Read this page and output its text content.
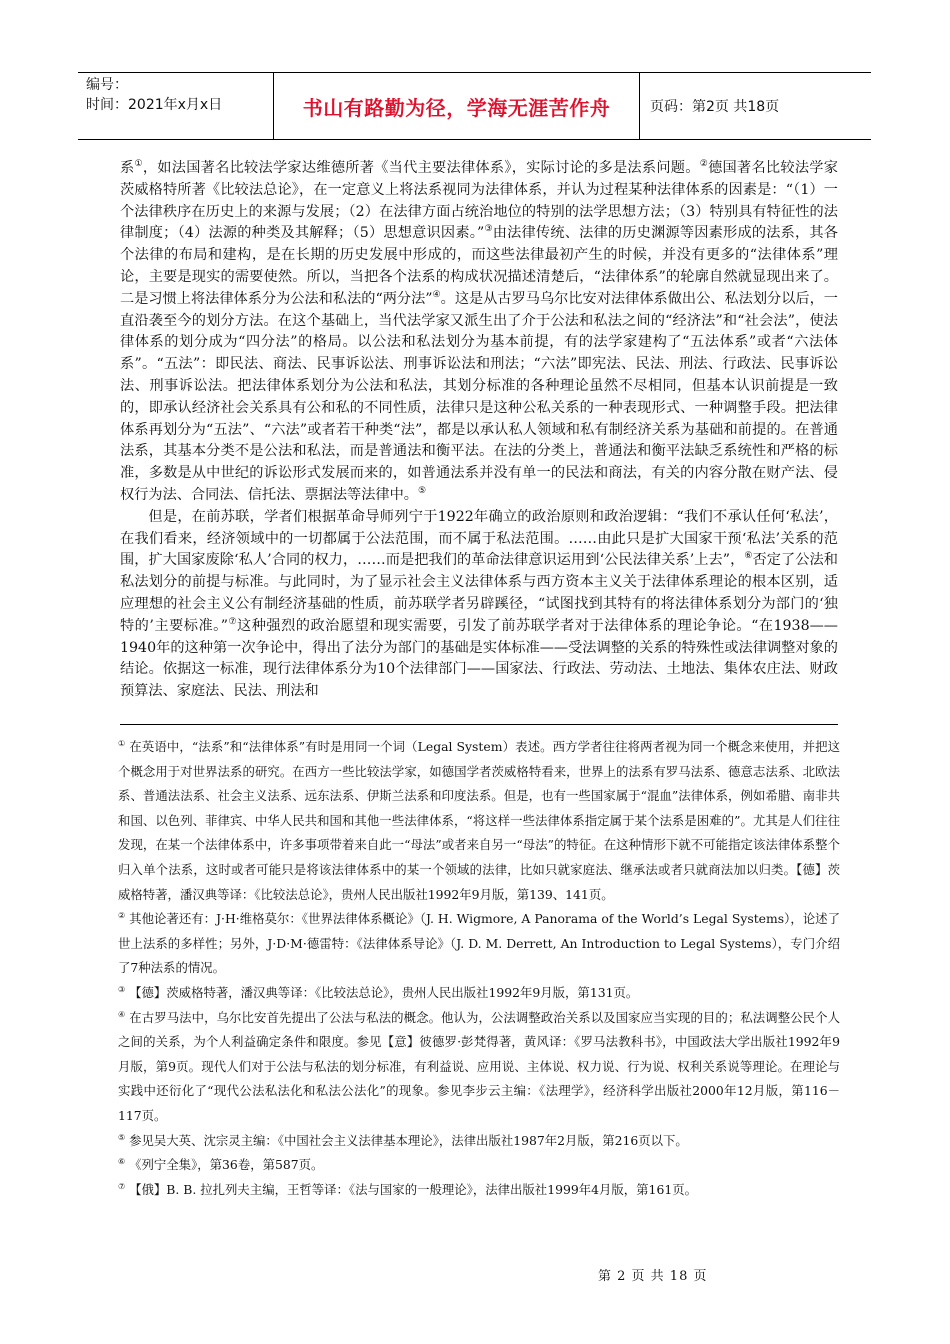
编号：
时间：2021年x月x日	书山有路勤为径，学海无涯苦作舟	页码：第2页 共18页

系①，如法国著名比较法学家达维德所著《当代主要法律体系》，实际讨论的多是法系问题。②德国著名比较法学家茨威格特所著《比较法总论》，在一定意义上将法系视同为法律体系，并认为过程某种法律体系的因素是：“（1）一个法律秩序在历史上的来源与发展；（2）在法律方面占统治地位的特别的法学思想方法；（3）特别具有特征性的法律制度；（4）法源的种类及其解释；（5）思想意识因素。”③由法律传统、法律的历史渊源等因素形成的法系，其各个法律的布局和建构，是在长期的历史发展中形成的，而这些法律最初产生的时候，并没有更多的“法律体系”理论，主要是现实的需要使然。所以，当把各个法系的构成状况描述清楚后，“法律体系”的轮廓自然就显现出来了。二是习惯上将法律体系分为公法和私法的“两分法”④。这是从古罗马乌尔比安对法律体系做出公、私法划分以后，一直沿袭至今的划分方法。在这个基础上，当代法学家又派生出了介于公法和私法之间的“经济法”和“社会法”，使法律体系的划分成为“四分法”的格局。以公法和私法划分为基本前提，有的法学家建构了“五法体系”或者“六法体系”。“五法”：即民法、商法、民事诉讼法、刑事诉讼法和刑法；“六法”即宪法、民法、刑法、行政法、民事诉讼法、刑事诉讼法。把法律体系划分为公法和私法，其划分标准的各种理论虽然不尽相同，但基本认识前提是一致的，即承认经济社会关系具有公和私的不同性质，法律只是这种公私关系的一种表现形式、一种调整手段。把法律体系再划分为“五法”、“六法”或者若干种类“法”，都是以承认私人领域和私有制经济关系为基础和前提的。在普通法系，其基本分类不是公法和私法，而是普通法和衡平法。在法的分类上，普通法和衡平法缺乏系统性和严格的标准，多数是从中世纪的诉讼形式发展而来的，如普通法系并没有单一的民法和商法，有关的内容分散在财产法、侵权行为法、合同法、信托法、票据法等法律中。⑤

但是，在前苏联，学者们根据革命导师列宁于1922年确立的政治原则和政治逻辑：“我们不承认任何‘私法’，在我们看来，经济领域中的一切都属于公法范围，而不属于私法范围。……由此只是扩大国家干预‘私法’关系的范围，扩大国家废除‘私人’合同的权力，……而是把我们的革命法律意识运用到‘公民法律关系’上去”，⑥否定了公法和私法划分的前提与标准。与此同时，为了显示社会主义法律体系与西方资本主义关于法律体系理论的根本区别，适应理想的社会主义公有制经济基础的性质，前苏联学者另辟蹊径，“试图找到其特有的将法律体系划分为部门的‘独特的’主要标准。”⑦这种强烈的政治愿望和现实需要，引发了前苏联学者对于法律体系的理论争论。“在1938——1940年的这种第一次争论中，得出了法分为部门的基础是实体标准——受法调整的关系的特殊性或法律调整对象的结论。依据这一标准，现行法律体系分为10个法律部门——国家法、行政法、劳动法、土地法、集体农庄法、财政预算法、家庭法、民法、刑法和

① 在英语中，“法系”和“法律体系”有时是用同一个词（Legal System）表述。西方学者往往将两者视为同一个概念来使用，并把这个概念用于对世界法系的研究。在西方一些比较法学家，如德国学者茨威格特看来，世界上的法系有罗马法系、德意志法系、北欧法系、普通法法系、社会主义法系、远东法系、伊斯兰法系和印度法系。但是，也有一些国家属于“混血”法律体系，例如希腊、南非共和国、以色列、菲律宾、中华人民共和国和其他一些法律体系，“将这样一些法律体系指定属于某个法系是困难的”。尤其是人们往往发现，在某一个法律体系中，许多事项带着来自此一“母法”或者来自另一“母法”的特征。在这种情形下就不可能指定该法律体系整个归入单个法系，这时或者可能只是将该法律体系中的某一个领域的法律，比如只就家庭法、继承法或者只就商法加以归类。【德】茨威格特著，潘汉典等译：《比较法总论》，贵州人民出版社1992年9月版，第139、141页。

② 其他论著还有：J·H·维格莫尔：《世界法律体系概论》（J. H. Wigmore, A Panorama of the World’s Legal Systems），论述了世上法系的多样性；另外，J·D·M·德雷特：《法律体系导论》（J. D. M. Derrett, An Introduction to Legal Systems），专门介绍了7种法系的情况。

③ 【德】茨威格特著，潘汉典等译：《比较法总论》，贵州人民出版社1992年9月版，第131页。

④ 在古罗马法中，乌尔比安首先提出了公法与私法的概念。他认为，公法调整政治关系以及国家应当实现的目的；私法调整公民个人之间的关系，为个人利益确定条件和限度。参见【意】彼德罗·彭梵得著，黄风译：《罗马法教科书》，中国政法大学出版社1992年9月版，第9页。现代人们对于公法与私法的划分标准，有利益说、应用说、主体说、权力说、行为说、权利关系说等理论。在理论与实践中还衍化了“现代公法私法化和私法公法化”的现象。参见李步云主编：《法理学》，经济科学出版社2000年12月版，第116－117页。

⑤ 参见吴大英、沈宗灵主编：《中国社会主义法律基本理论》，法律出版社1987年2月版，第216页以下。

⑥ 《列宁全集》，第36卷，第587页。

⑦ 【俄】B. B. 拉扎列夫主编，王哲等译：《法与国家的一般理论》，法律出版社1999年4月版，第161页。

第 2 页 共 18 页
